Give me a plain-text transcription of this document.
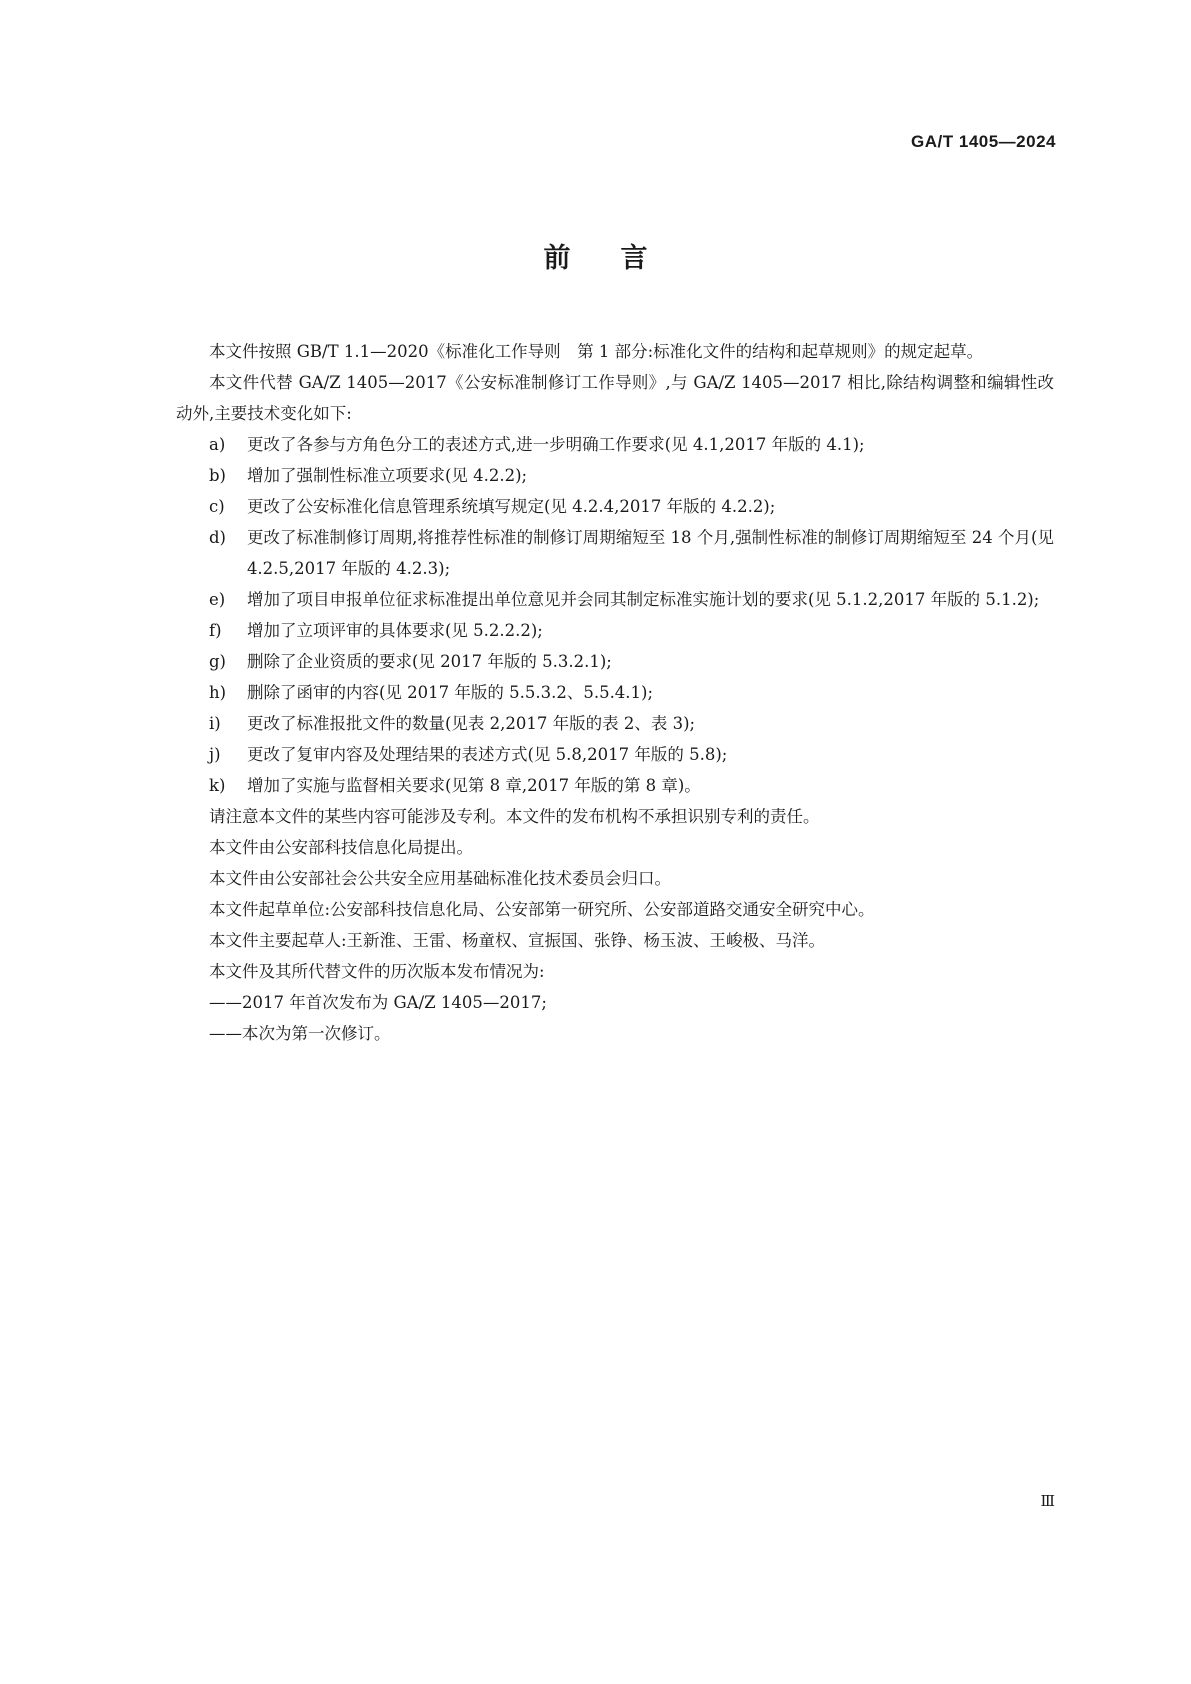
GA/T 1405—2024
前言

本文件按照 GB/T 1.1—2020《标准化工作导则　第 1 部分:标准化文件的结构和起草规则》的规定起草。

本文件代替 GA/Z 1405—2017《公安标准制修订工作导则》,与 GA/Z 1405—2017 相比,除结构调整和编辑性改动外,主要技术变化如下:

a)	更改了各参与方角色分工的表述方式,进一步明确工作要求(见 4.1,2017 年版的 4.1);
b)	增加了强制性标准立项要求(见 4.2.2);
c)	更改了公安标准化信息管理系统填写规定(见 4.2.4,2017 年版的 4.2.2);
d)	更改了标准制修订周期,将推荐性标准的制修订周期缩短至 18 个月,强制性标准的制修订周期缩短至 24 个月(见 4.2.5,2017 年版的 4.2.3);
e)	增加了项目申报单位征求标准提出单位意见并会同其制定标准实施计划的要求(见 5.1.2,2017 年版的 5.1.2);
f)	增加了立项评审的具体要求(见 5.2.2.2);
g)	删除了企业资质的要求(见 2017 年版的 5.3.2.1);
h)	删除了函审的内容(见 2017 年版的 5.5.3.2、5.5.4.1);
i)	更改了标准报批文件的数量(见表 2,2017 年版的表 2、表 3);
j)	更改了复审内容及处理结果的表述方式(见 5.8,2017 年版的 5.8);
k)	增加了实施与监督相关要求(见第 8 章,2017 年版的第 8 章)。

请注意本文件的某些内容可能涉及专利。本文件的发布机构不承担识别专利的责任。

本文件由公安部科技信息化局提出。

本文件由公安部社会公共安全应用基础标准化技术委员会归口。

本文件起草单位:公安部科技信息化局、公安部第一研究所、公安部道路交通安全研究中心。

本文件主要起草人:王新淮、王雷、杨童权、宣振国、张铮、杨玉波、王峻极、马洋。

本文件及其所代替文件的历次版本发布情况为:

——2017 年首次发布为 GA/Z 1405—2017;

——本次为第一次修订。

Ⅲ
